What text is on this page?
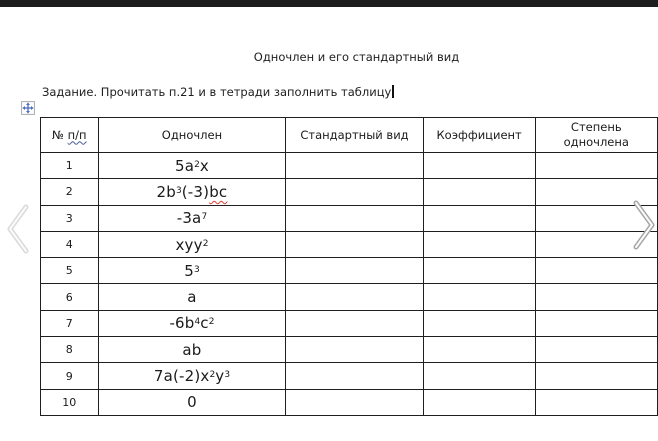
Одночлен и его стандартный вид
Задание. Прочитать п.21 и в тетради заполнить таблицу
№ п/п	Одночлен	Стандартный вид	Коэффициент	Степень одночлена
1	$5a^2x$			
2	$2b^3(-3)bc$			
3	$-3a^7$			
4	xyy$^2$			
5	$5^3$			
6	a			
7	$-6b^4c^2$			
8	ab			
9	$7a(-2)x^2y^3$			
10	0			
